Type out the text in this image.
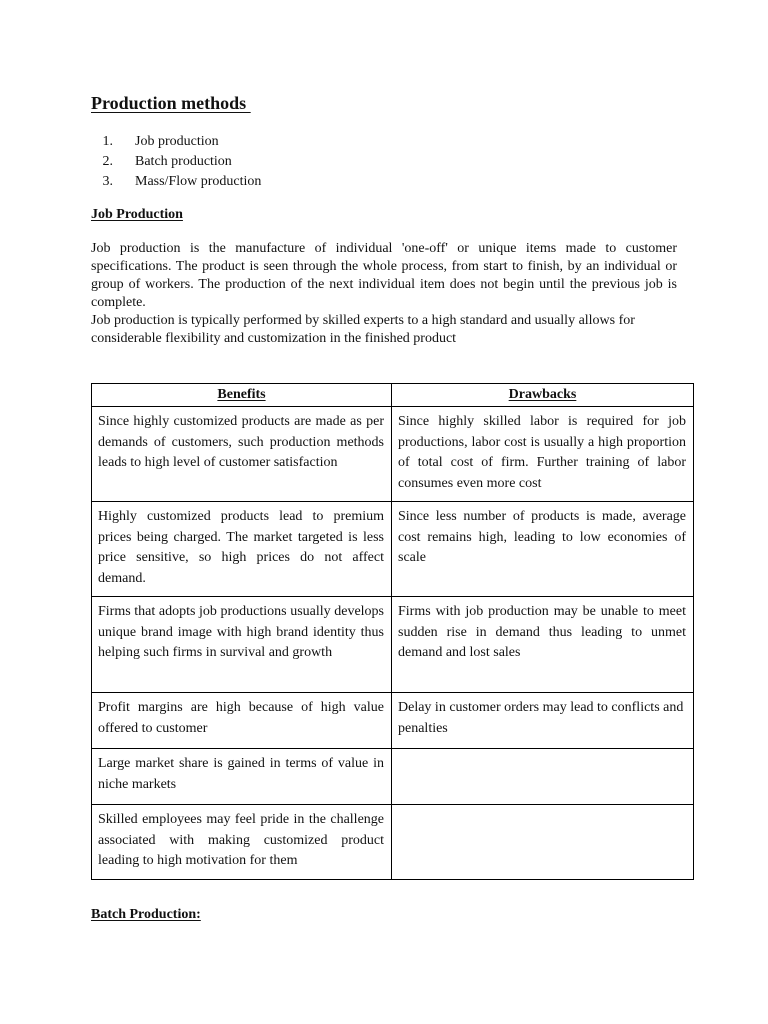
Production methods
1. Job production
2. Batch production
3. Mass/Flow production
Job Production

Job production is the manufacture of individual 'one-off' or unique items made to customer specifications. The product is seen through the whole process, from start to finish, by an individual or group of workers. The production of the next individual item does not begin until the previous job is complete.

Job production is typically performed by skilled experts to a high standard and usually allows for considerable flexibility and customization in the finished product

Benefits	Drawbacks
Since highly customized products are made as per demands of customers, such production methods leads to high level of customer satisfaction	Since highly skilled labor is required for job productions, labor cost is usually a high proportion of total cost of firm. Further training of labor consumes even more cost
Highly customized products lead to premium prices being charged. The market targeted is less price sensitive, so high prices do not affect demand.	Since less number of products is made, average cost remains high, leading to low economies of scale
Firms that adopts job productions usually develops unique brand image with high brand identity thus helping such firms in survival and growth	Firms with job production may be unable to meet sudden rise in demand thus leading to unmet demand and lost sales
Profit margins are high because of high value offered to customer	Delay in customer orders may lead to conflicts and penalties
Large market share is gained in terms of value in niche markets	
Skilled employees may feel pride in the challenge associated with making customized product leading to high motivation for them	
Batch Production:
